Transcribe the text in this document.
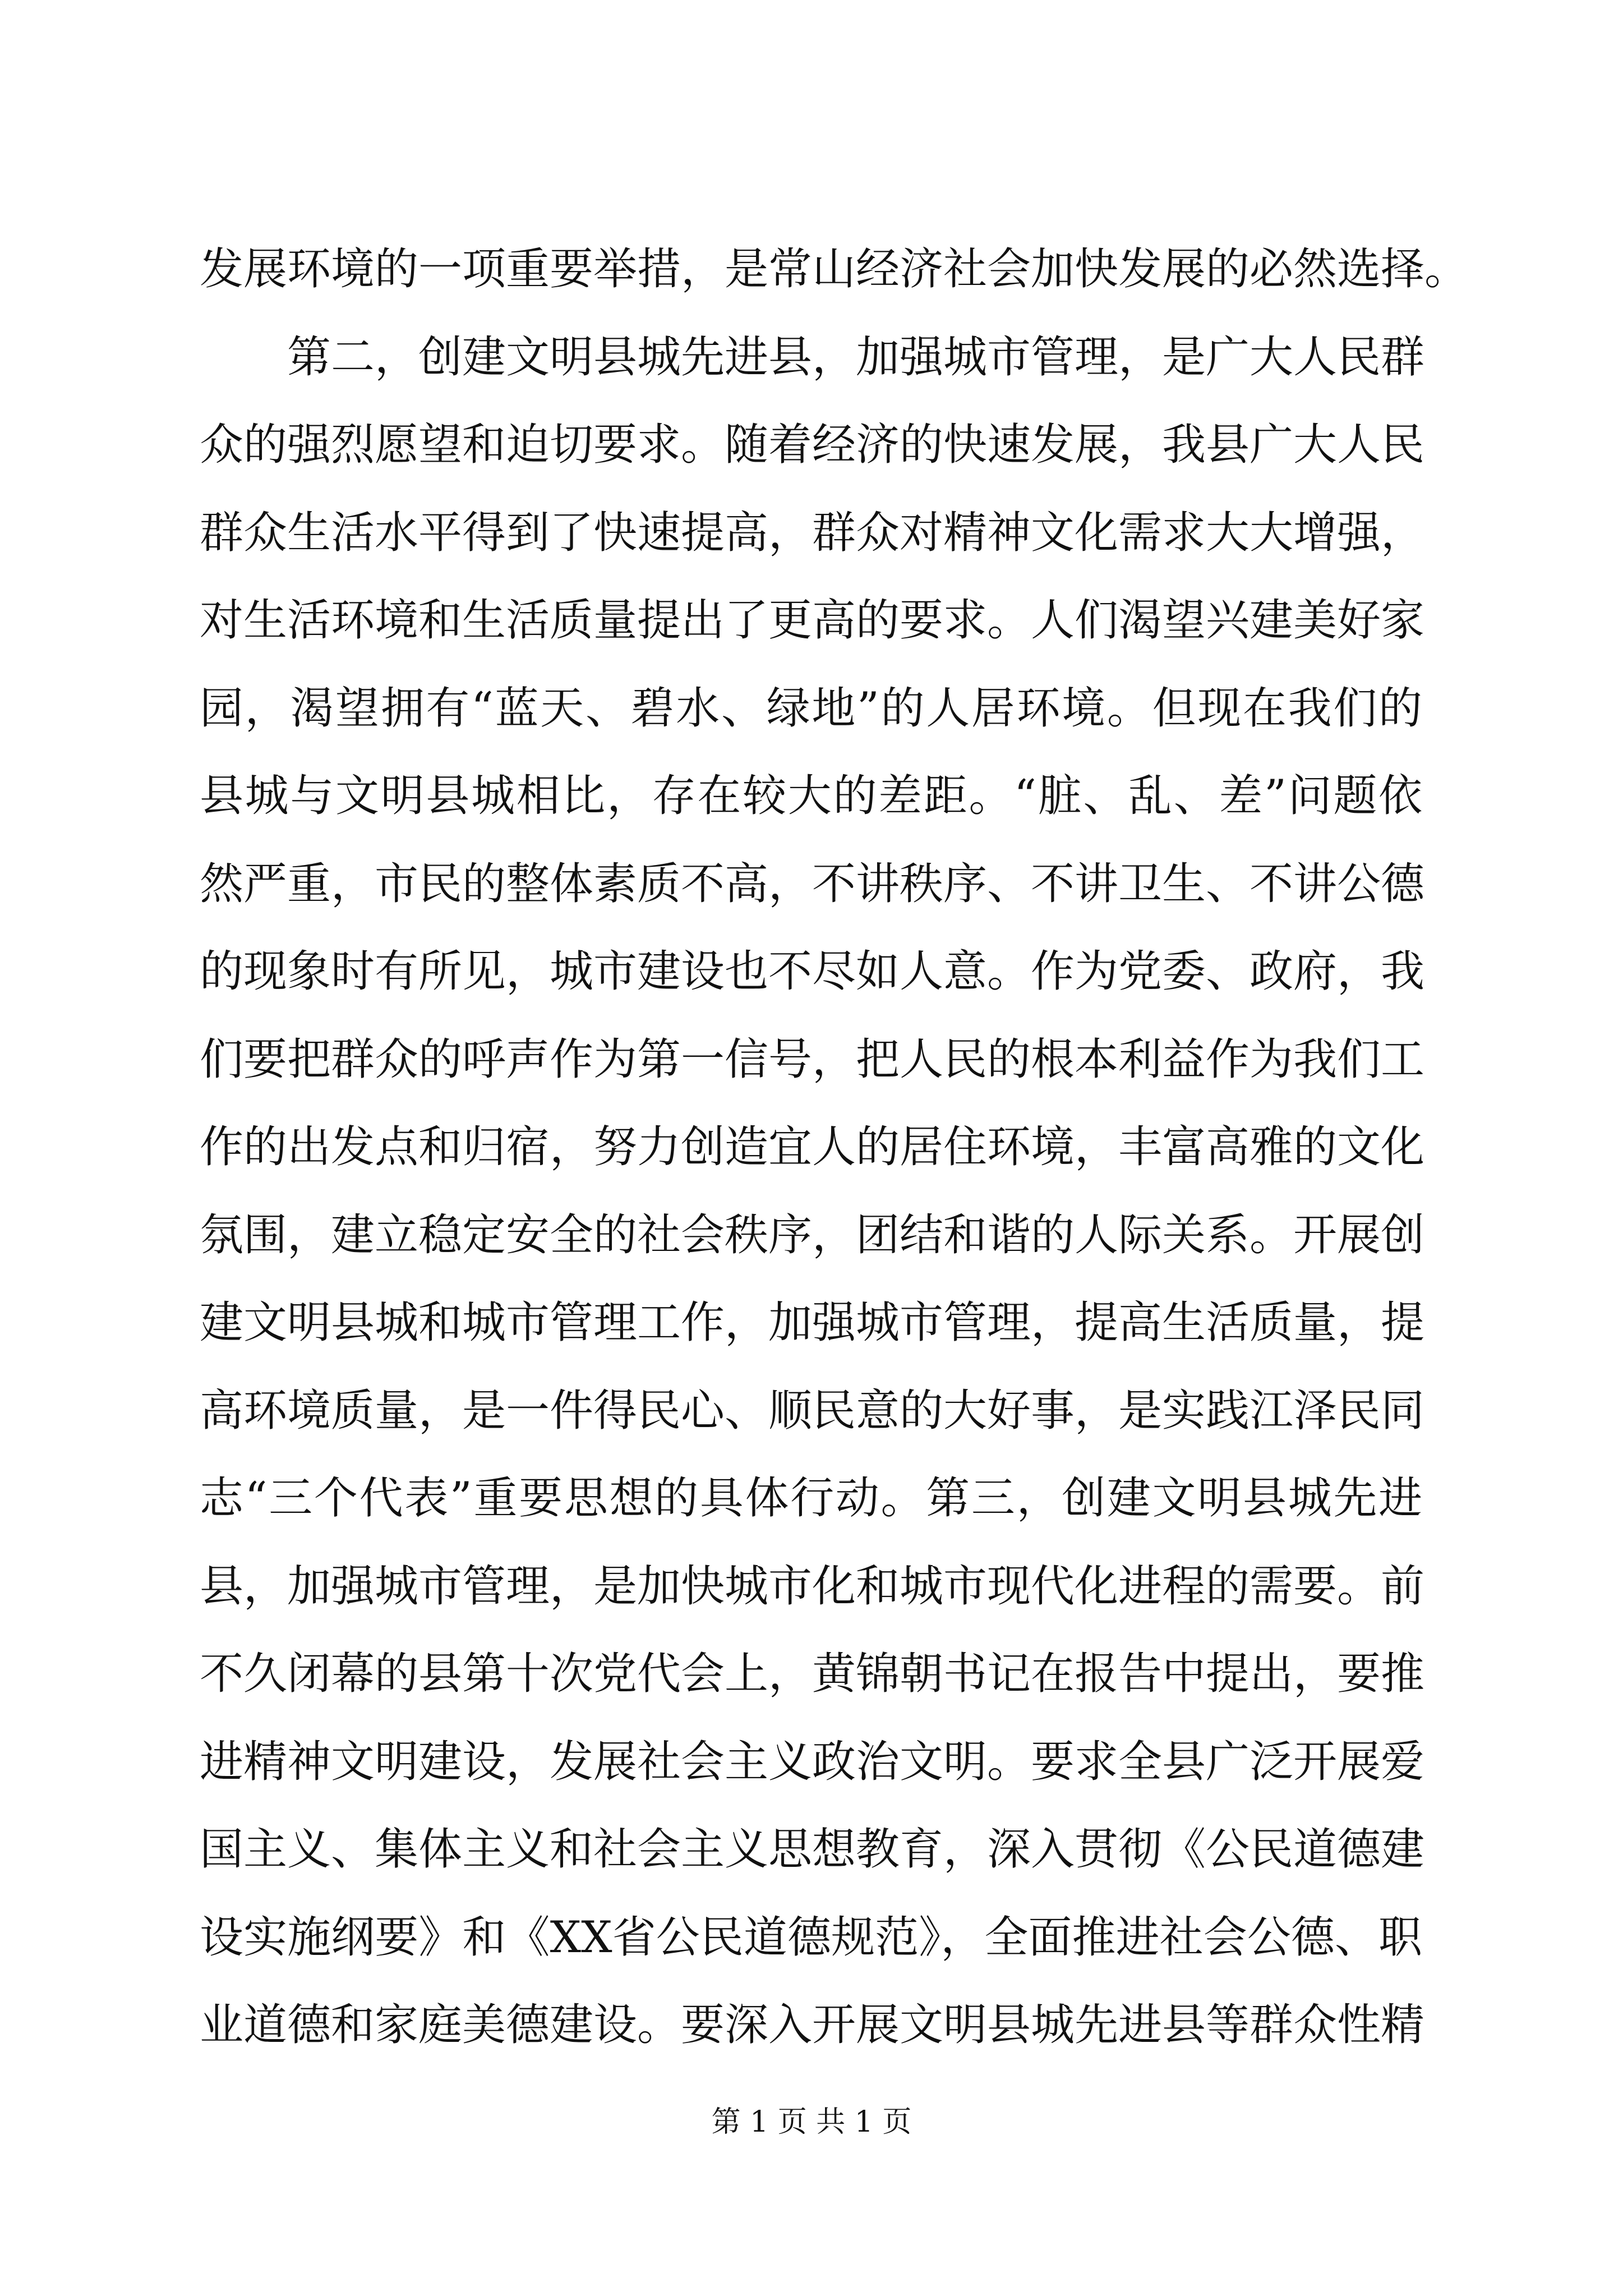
发展环境的一项重要举措，是常山经济社会加快发展的必然选择。
　　第二，创建文明县城先进县，加强城市管理，是广大人民群
众的强烈愿望和迫切要求。随着经济的快速发展，我县广大人民
群众生活水平得到了快速提高，群众对精神文化需求大大增强，
对生活环境和生活质量提出了更高的要求。人们渴望兴建美好家
园，渴望拥有“蓝天、碧水、绿地”的人居环境。但现在我们的
县城与文明县城相比，存在较大的差距。“脏、乱、差”问题依
然严重，市民的整体素质不高，不讲秩序、不讲卫生、不讲公德
的现象时有所见，城市建设也不尽如人意。作为党委、政府，我
们要把群众的呼声作为第一信号，把人民的根本利益作为我们工
作的出发点和归宿，努力创造宜人的居住环境，丰富高雅的文化
氛围，建立稳定安全的社会秩序，团结和谐的人际关系。开展创
建文明县城和城市管理工作，加强城市管理，提高生活质量，提
高环境质量，是一件得民心、顺民意的大好事，是实践江泽民同
志“三个代表”重要思想的具体行动。第三，创建文明县城先进
县，加强城市管理，是加快城市化和城市现代化进程的需要。前
不久闭幕的县第十次党代会上，黄锦朝书记在报告中提出，要推
进精神文明建设，发展社会主义政治文明。要求全县广泛开展爱
国主义、集体主义和社会主义思想教育，深入贯彻《公民道德建
设实施纲要》和《XX省公民道德规范》，全面推进社会公德、职
业道德和家庭美德建设。要深入开展文明县城先进县等群众性精
第 1 页 共 1 页
